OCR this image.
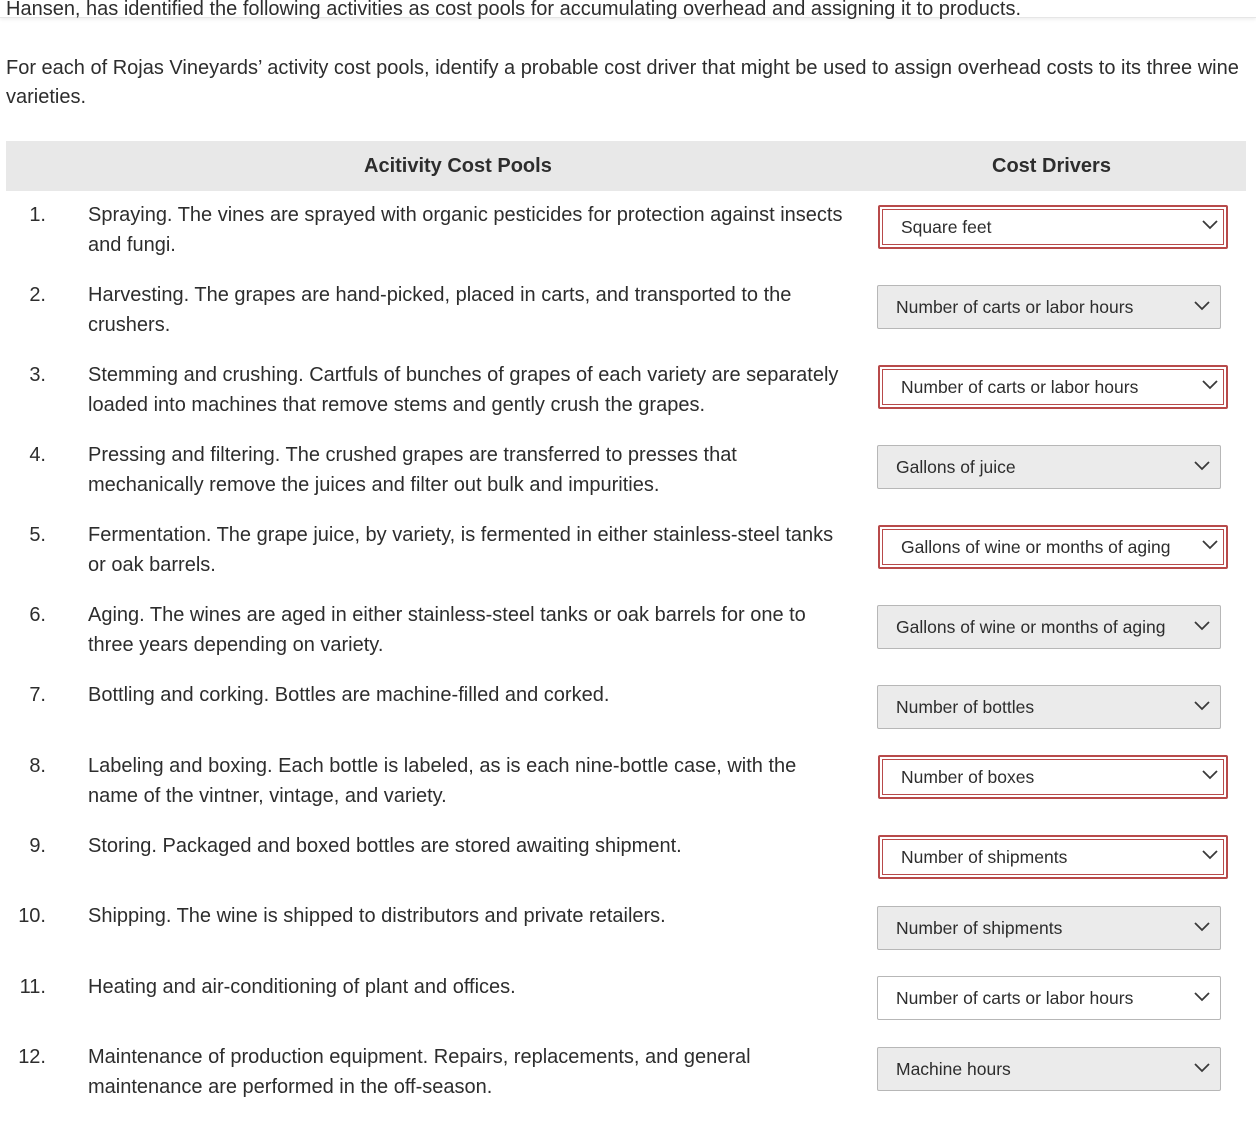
Hansen, has identified the following activities as cost pools for accumulating overhead and assigning it to products.

For each of Rojas Vineyards’ activity cost pools, identify a probable cost driver that might be used to assign overhead costs to its three wine varieties.

Acitivity Cost Pools	Cost Drivers
1. Spraying. The vines are sprayed with organic pesticides for protection against insects and fungi.
2. Harvesting. The grapes are hand-picked, placed in carts, and transported to the crushers.
3. Stemming and crushing. Cartfuls of bunches of grapes of each variety are separately loaded into machines that remove stems and gently crush the grapes.
4. Pressing and filtering. The crushed grapes are transferred to presses that mechanically remove the juices and filter out bulk and impurities.
5. Fermentation. The grape juice, by variety, is fermented in either stainless-steel tanks or oak barrels.
6. Aging. The wines are aged in either stainless-steel tanks or oak barrels for one to three years depending on variety.
7. Bottling and corking. Bottles are machine-filled and corked.
8. Labeling and boxing. Each bottle is labeled, as is each nine-bottle case, with the name of the vintner, vintage, and variety.
9. Storing. Packaged and boxed bottles are stored awaiting shipment.
10. Shipping. The wine is shipped to distributors and private retailers.
11. Heating and air-conditioning of plant and offices.
12. Maintenance of production equipment. Repairs, replacements, and general maintenance are performed in the off-season.
Square feet
Number of carts or labor hours
Number of carts or labor hours
Gallons of juice
Gallons of wine or months of aging
Gallons of wine or months of aging
Number of bottles
Number of boxes
Number of shipments
Number of shipments
Number of carts or labor hours
Machine hours
